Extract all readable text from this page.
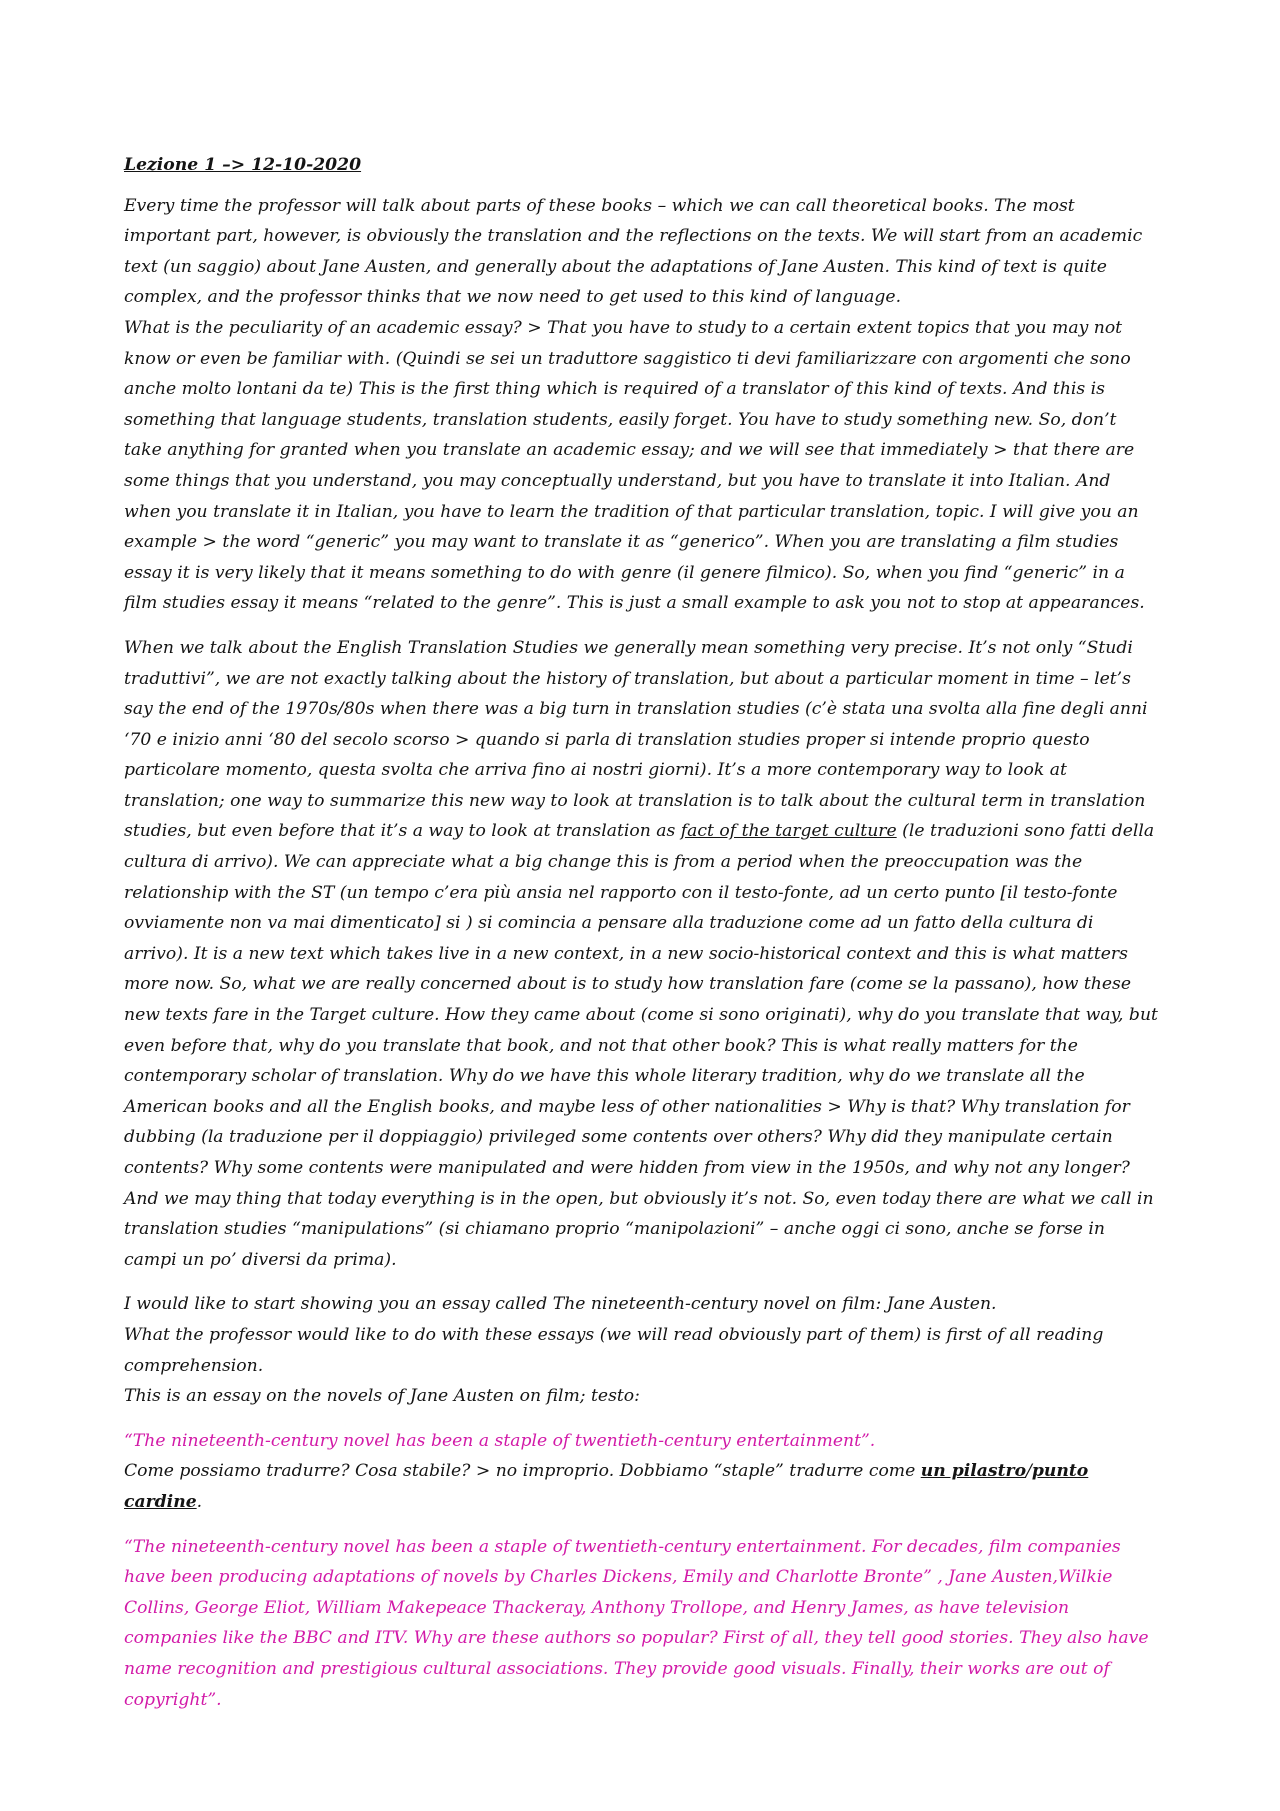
Lezione 1 –> 12-10-2020

Every time the professor will talk about parts of these books – which we can call theoretical books. The most important part, however, is obviously the translation and the reflections on the texts. We will start from an academic text (un saggio) about Jane Austen, and generally about the adaptations of Jane Austen. This kind of text is quite complex, and the professor thinks that we now need to get used to this kind of language.
What is the peculiarity of an academic essay? > That you have to study to a certain extent topics that you may not know or even be familiar with. (Quindi se sei un traduttore saggistico ti devi familiarizzare con argomenti che sono anche molto lontani da te) This is the first thing which is required of a translator of this kind of texts. And this is something that language students, translation students, easily forget. You have to study something new. So, don’t take anything for granted when you translate an academic essay; and we will see that immediately > that there are some things that you understand, you may conceptually understand, but you have to translate it into Italian. And when you translate it in Italian, you have to learn the tradition of that particular translation, topic. I will give you an example > the word “generic” you may want to translate it as “generico”. When you are translating a film studies essay it is very likely that it means something to do with genre (il genere filmico). So, when you find “generic” in a film studies essay it means “related to the genre”. This is just a small example to ask you not to stop at appearances.

When we talk about the English Translation Studies we generally mean something very precise. It’s not only “Studi traduttivi”, we are not exactly talking about the history of translation, but about a particular moment in time – let’s say the end of the 1970s/80s when there was a big turn in translation studies (c’è stata una svolta alla fine degli anni ‘70 e inizio anni ‘80 del secolo scorso > quando si parla di translation studies proper si intende proprio questo particolare momento, questa svolta che arriva fino ai nostri giorni). It’s a more contemporary way to look at translation; one way to summarize this new way to look at translation is to talk about the cultural term in translation studies, but even before that it’s a way to look at translation as fact of the target culture (le traduzioni sono fatti della cultura di arrivo). We can appreciate what a big change this is from a period when the preoccupation was the relationship with the ST (un tempo c’era più ansia nel rapporto con il testo-fonte, ad un certo punto [il testo-fonte ovviamente non va mai dimenticato] si ) si comincia a pensare alla traduzione come ad un fatto della cultura di arrivo). It is a new text which takes live in a new context, in a new socio-historical context and this is what matters more now. So, what we are really concerned about is to study how translation fare (come se la passano), how these new texts fare in the Target culture. How they came about (come si sono originati), why do you translate that way, but even before that, why do you translate that book, and not that other book? This is what really matters for the contemporary scholar of translation. Why do we have this whole literary tradition, why do we translate all the American books and all the English books, and maybe less of other nationalities > Why is that? Why translation for dubbing (la traduzione per il doppiaggio) privileged some contents over others? Why did they manipulate certain contents? Why some contents were manipulated and were hidden from view in the 1950s, and why not any longer? And we may thing that today everything is in the open, but obviously it’s not. So, even today there are what we call in translation studies “manipulations” (si chiamano proprio “manipolazioni” – anche oggi ci sono, anche se forse in campi un po’ diversi da prima).

I would like to start showing you an essay called The nineteenth-century novel on film: Jane Austen.
What the professor would like to do with these essays (we will read obviously part of them) is first of all reading comprehension.
This is an essay on the novels of Jane Austen on film; testo:

“The nineteenth-century novel has been a staple of twentieth-century entertainment”.
Come possiamo tradurre? Cosa stabile? > no improprio. Dobbiamo “staple” tradurre come un pilastro/punto cardine.

“The nineteenth-century novel has been a staple of twentieth-century entertainment. For decades, film companies have been producing adaptations of novels by Charles Dickens, Emily and Charlotte Bronte” , Jane Austen,Wilkie Collins, George Eliot, William Makepeace Thackeray, Anthony Trollope, and Henry James, as have television companies like the BBC and ITV. Why are these authors so popular? First of all, they tell good stories. They also have name recognition and prestigious cultural associations. They provide good visuals. Finally, their works are out of copyright”.
